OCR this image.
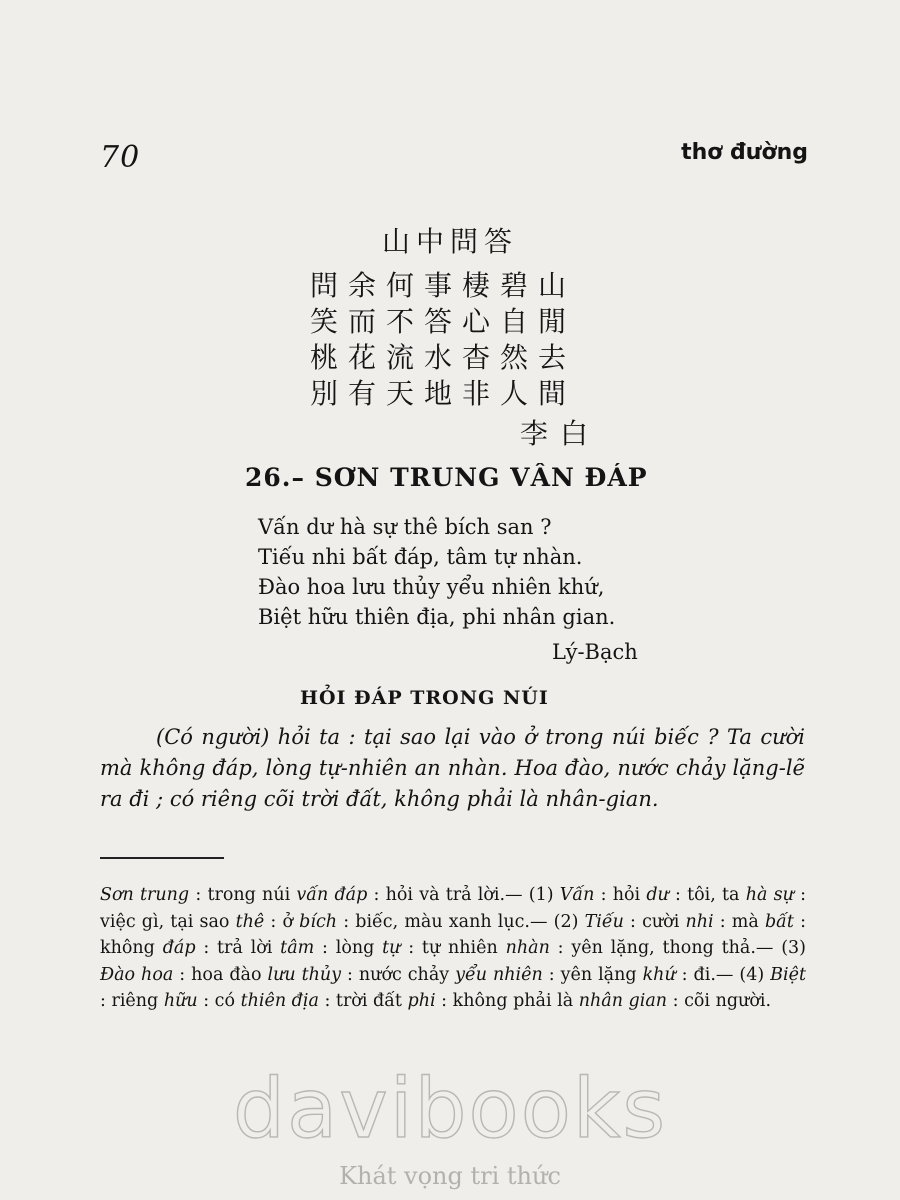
70	thơ đường
山中問答
問余何事棲碧山
笑而不答心自閒
桃花流水杳然去
別有天地非人間
李白
26.– SƠN TRUNG VẤN ĐÁP
Vấn dư hà sự thê bích san ?
Tiếu nhi bất đáp, tâm tự nhàn.
Đào hoa lưu thủy yểu nhiên khứ,
Biệt hữu thiên địa, phi nhân gian.
Lý-Bạch
HỎI ĐÁP TRONG NÚI
(Có người) hỏi ta : tại sao lại vào ở trong núi biếc ? Ta cười mà không đáp, lòng tự-nhiên an nhàn. Hoa đào, nước chảy lặng-lẽ ra đi ; có riêng cõi trời đất, không phải là nhân-gian.
Sơn trung : trong núi vấn đáp : hỏi và trả lời.— (1) Vấn : hỏi dư : tôi, ta hà sự : việc gì, tại sao thê : ở bích : biếc, màu xanh lục.— (2) Tiếu : cười nhi : mà bất : không đáp : trả lời tâm : lòng tự : tự nhiên nhàn : yên lặng, thong thả.— (3) Đào hoa : hoa đào lưu thủy : nước chảy yểu nhiên : yên lặng khứ : đi.— (4) Biệt : riêng hữu : có thiên địa : trời đất phi : không phải là nhân gian : cõi người.
davibooks
Khát vọng tri thức
